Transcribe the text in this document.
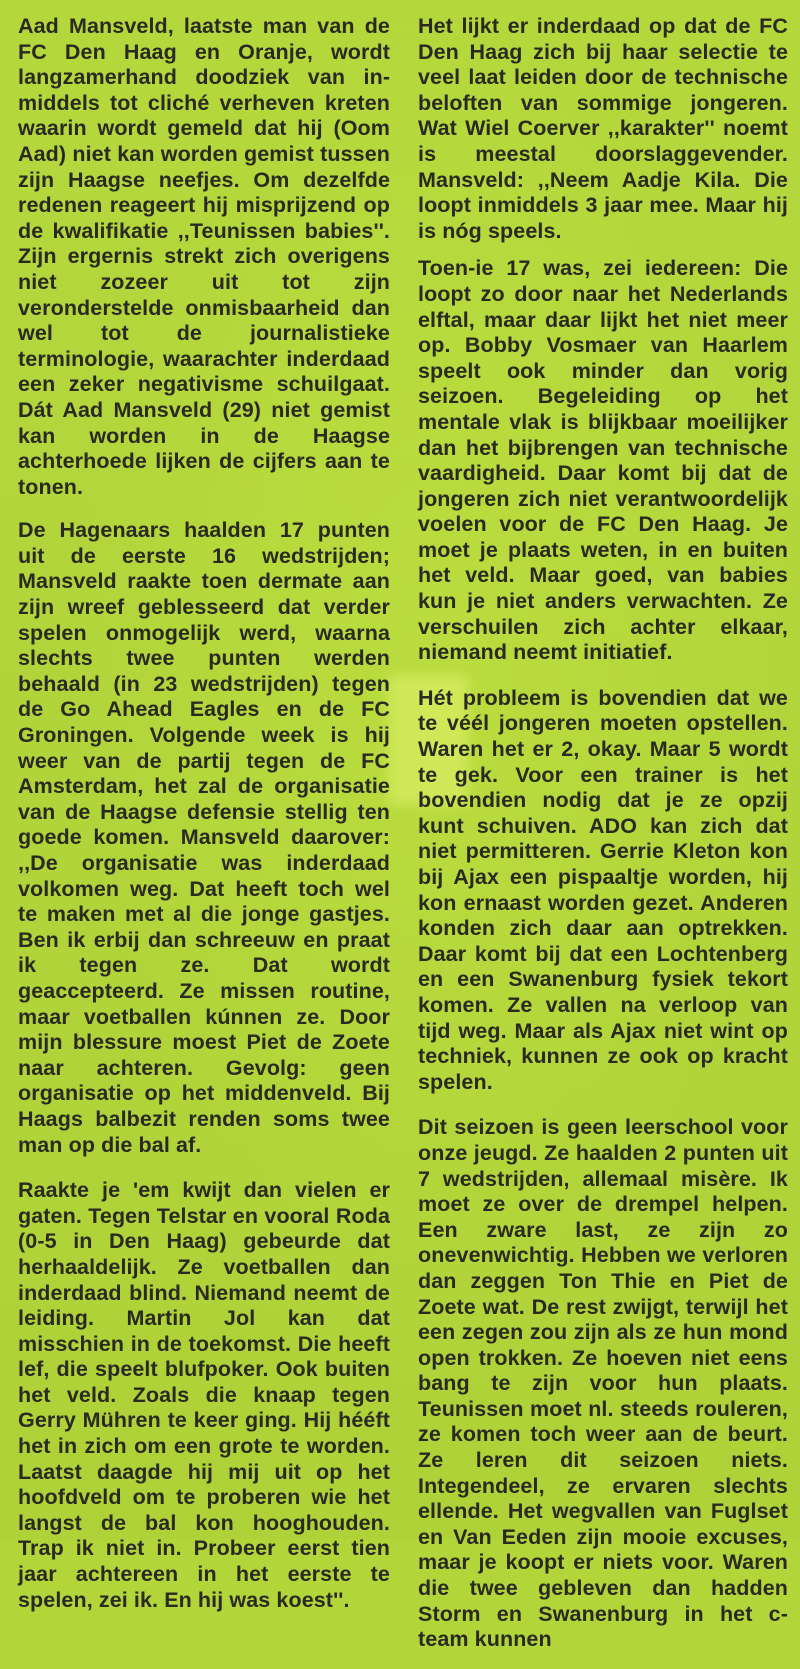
Aad Mansveld, laatste man van de FC Den Haag en Oranje, wordt langzamerhand doodziek van inmiddels tot cliché verheven kreten waarin wordt gemeld dat hij (Oom Aad) niet kan worden gemist tussen zijn Haagse neefjes. Om dezelfde redenen reageert hij misprijzend op de kwalifikatie ,,Teunissen babies''. Zijn ergernis strekt zich overigens niet zozeer uit tot zijn veronderstelde onmisbaarheid dan wel tot de journalistieke terminologie, waarachter inderdaad een zeker negativisme schuilgaat. Dát Aad Mansveld (29) niet gemist kan worden in de Haagse achterhoede lijken de cijfers aan te tonen.

De Hagenaars haalden 17 punten uit de eerste 16 wedstrijden; Mansveld raakte toen dermate aan zijn wreef geblesseerd dat verder spelen onmogelijk werd, waarna slechts twee punten werden behaald (in 23 wedstrijden) tegen de Go Ahead Eagles en de FC Groningen. Volgende week is hij weer van de partij tegen de FC Amsterdam, het zal de organisatie van de Haagse defensie stellig ten goede komen. Mansveld daarover: ,,De organisatie was inderdaad volkomen weg. Dat heeft toch wel te maken met al die jonge gastjes. Ben ik erbij dan schreeuw en praat ik tegen ze. Dat wordt geaccepteerd. Ze missen routine, maar voetballen kúnnen ze. Door mijn blessure moest Piet de Zoete naar achteren. Gevolg: geen organisatie op het middenveld. Bij Haags balbezit renden soms twee man op die bal af.

Raakte je 'em kwijt dan vielen er gaten. Tegen Telstar en vooral Roda (0-5 in Den Haag) gebeurde dat herhaaldelijk. Ze voetballen dan inderdaad blind. Niemand neemt de leiding. Martin Jol kan dat misschien in de toekomst. Die heeft lef, die speelt blufpoker. Ook buiten het veld. Zoals die knaap tegen Gerry Mühren te keer ging. Hij hééft het in zich om een grote te worden. Laatst daagde hij mij uit op het hoofdveld om te proberen wie het langst de bal kon hooghouden. Trap ik niet in. Probeer eerst tien jaar achtereen in het eerste te spelen, zei ik. En hij was koest''.

Het lijkt er inderdaad op dat de FC Den Haag zich bij haar selectie te veel laat leiden door de technische beloften van sommige jongeren. Wat Wiel Coerver ,,karakter'' noemt is meestal doorslaggevender. Mansveld: ,,Neem Aadje Kila. Die loopt inmiddels 3 jaar mee. Maar hij is nóg speels.

Toen-ie 17 was, zei iedereen: Die loopt zo door naar het Nederlands elftal, maar daar lijkt het niet meer op. Bobby Vosmaer van Haarlem speelt ook minder dan vorig seizoen. Begeleiding op het mentale vlak is blijkbaar moeilijker dan het bijbrengen van technische vaardigheid. Daar komt bij dat de jongeren zich niet verantwoordelijk voelen voor de FC Den Haag. Je moet je plaats weten, in en buiten het veld. Maar goed, van babies kun je niet anders verwachten. Ze verschuilen zich achter elkaar, niemand neemt initiatief.

Hét probleem is bovendien dat we te véél jongeren moeten opstellen. Waren het er 2, okay. Maar 5 wordt te gek. Voor een trainer is het bovendien nodig dat je ze opzij kunt schuiven. ADO kan zich dat niet permitteren. Gerrie Kleton kon bij Ajax een pispaaltje worden, hij kon ernaast worden gezet. Anderen konden zich daar aan optrekken. Daar komt bij dat een Lochtenberg en een Swanenburg fysiek tekort komen. Ze vallen na verloop van tijd weg. Maar als Ajax niet wint op techniek, kunnen ze ook op kracht spelen.

Dit seizoen is geen leerschool voor onze jeugd. Ze haalden 2 punten uit 7 wedstrijden, allemaal misère. Ik moet ze over de drempel helpen. Een zware last, ze zijn zo onevenwichtig. Hebben we verloren dan zeggen Ton Thie en Piet de Zoete wat. De rest zwijgt, terwijl het een zegen zou zijn als ze hun mond open trokken. Ze hoeven niet eens bang te zijn voor hun plaats. Teunissen moet nl. steeds rouleren, ze komen toch weer aan de beurt. Ze leren dit seizoen niets. Integendeel, ze ervaren slechts ellende. Het wegvallen van Fuglset en Van Eeden zijn mooie excuses, maar je koopt er niets voor. Waren die twee gebleven dan hadden Storm en Swanenburg in het c-team kunnen
